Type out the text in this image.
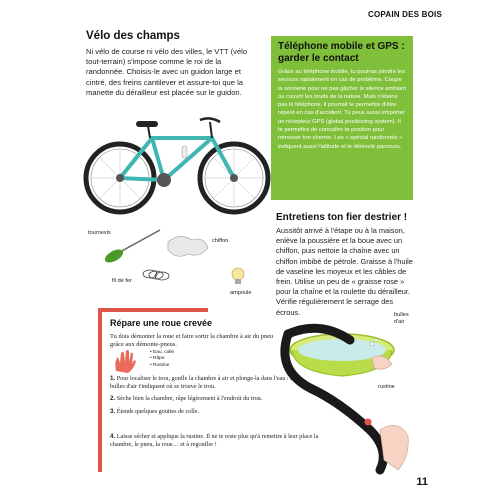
COPAIN DES BOIS
Vélo des champs
Ni vélo de course ni vélo des villes, le VTT (vélo tout-terrain) s'impose comme le roi de la randonnée. Choisis-le avec un guidon large et cintré, des freins cantilever et assure-toi que la manette du dérailleur est placée sur le guidon.
Téléphone mobile et GPS : garder le contact
Grâce au téléphone mobile, tu pourras joindre les secours rapidement en cas de problème. Coupe la sonnerie pour ne pas gâcher le silence ambiant ou couvrir les bruits de la nature. Mais n'éteins pas le téléphone, il pourrait te permettre d'être repéré en cas d'accident. Tu peux aussi emporter un récepteur GPS (global positioning system). Il te permettra de connaître ta position pour retrouver ton chemin. Les « spécial randonnée » indiquent aussi l'altitude et le dénivelé parcouru.
Entretiens ton fier destrier !
Aussitôt arrivé à l'étape ou à la maison, enlève la poussière et la boue avec un chiffon, puis nettoie la chaîne avec un chiffon imbibé de pétrole. Graisse à l'huile de vaseline les moyeux et les câbles de frein. Utilise un peu de « graisse rose » pour la chaîne et la roulette du dérailleur. Vérifie régulièrement le serrage des écrous.
tournevis
chiffon
fil de fer
ampoule
Répare une roue crevée
Tu dois démonter la roue et faire sortir la chambre à air du pneu grâce aux démonte-pneus.
• Eau, colle
• Râpe
• Rustine
1. Pour localiser le trou, gonfle la chambre à air et plonge-la dans l'eau : les bulles d'air t'indiquent où se trouve le trou.
2. Sèche bien la chambre, râpe légèrement à l'endroit du trou.
3. Étends quelques gouttes de colle.
4. Laisse sécher et applique la rustine. Il ne te reste plus qu'à remettre à leur place la chambre, le pneu, la roue… et à regonfler !
bulles d'air
rustine
11
